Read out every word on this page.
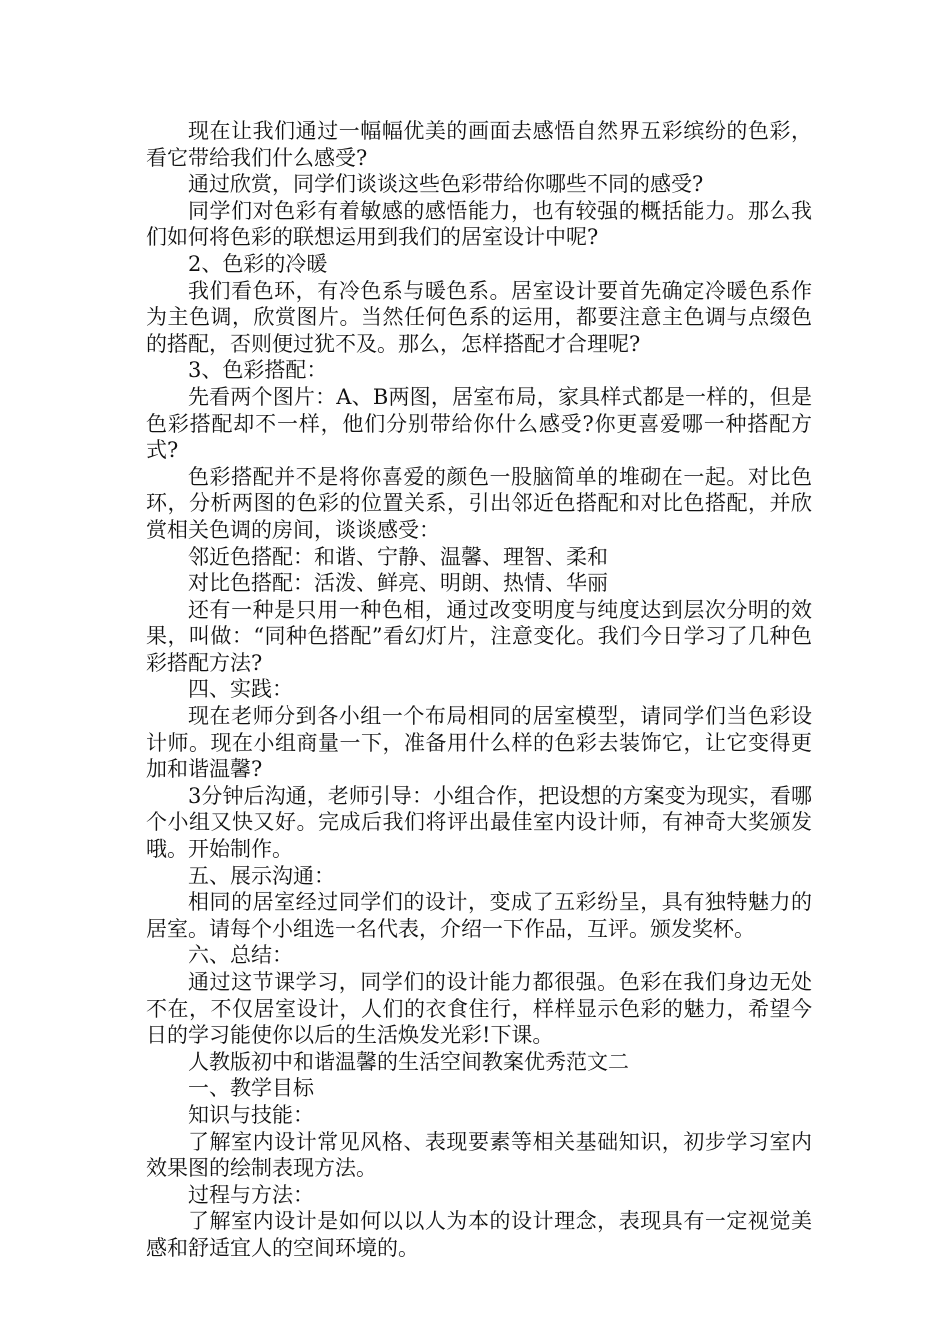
现在让我们通过一幅幅优美的画面去感悟自然界五彩缤纷的色彩，看它带给我们什么感受?

通过欣赏，同学们谈谈这些色彩带给你哪些不同的感受?

同学们对色彩有着敏感的感悟能力，也有较强的概括能力。那么我们如何将色彩的联想运用到我们的居室设计中呢?

2、色彩的冷暖

我们看色环，有冷色系与暖色系。居室设计要首先确定冷暖色系作为主色调，欣赏图片。当然任何色系的运用，都要注意主色调与点缀色的搭配，否则便过犹不及。那么，怎样搭配才合理呢?

3、色彩搭配：

先看两个图片：A、B两图，居室布局，家具样式都是一样的，但是色彩搭配却不一样，他们分别带给你什么感受?你更喜爱哪一种搭配方式?

色彩搭配并不是将你喜爱的颜色一股脑简单的堆砌在一起。对比色环，分析两图的色彩的位置关系，引出邻近色搭配和对比色搭配，并欣赏相关色调的房间，谈谈感受：

邻近色搭配：和谐、宁静、温馨、理智、柔和

对比色搭配：活泼、鲜亮、明朗、热情、华丽

还有一种是只用一种色相，通过改变明度与纯度达到层次分明的效果，叫做：“同种色搭配”看幻灯片，注意变化。我们今日学习了几种色彩搭配方法?

四、实践：

现在老师分到各小组一个布局相同的居室模型，请同学们当色彩设计师。现在小组商量一下，准备用什么样的色彩去装饰它，让它变得更加和谐温馨?

3分钟后沟通，老师引导：小组合作，把设想的方案变为现实，看哪个小组又快又好。完成后我们将评出最佳室内设计师，有神奇大奖颁发哦。开始制作。

五、展示沟通：

相同的居室经过同学们的设计，变成了五彩纷呈，具有独特魅力的居室。请每个小组选一名代表，介绍一下作品，互评。颁发奖杯。

六、总结：

通过这节课学习，同学们的设计能力都很强。色彩在我们身边无处不在，不仅居室设计，人们的衣食住行，样样显示色彩的魅力，希望今日的学习能使你以后的生活焕发光彩!下课。

人教版初中和谐温馨的生活空间教案优秀范文二

一、教学目标

知识与技能：

了解室内设计常见风格、表现要素等相关基础知识，初步学习室内效果图的绘制表现方法。

过程与方法：

了解室内设计是如何以以人为本的设计理念，表现具有一定视觉美感和舒适宜人的空间环境的。
